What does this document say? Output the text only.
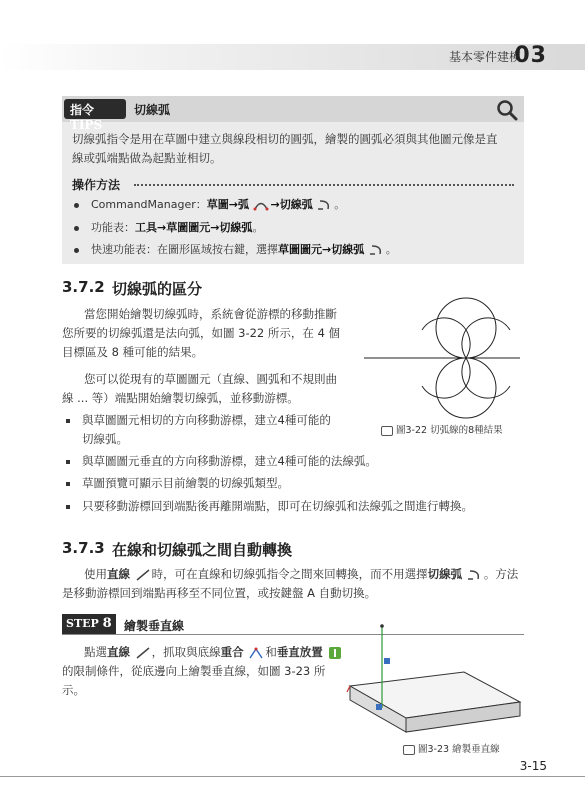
基本零件建模
03
指令TIPS
切線弧
切線弧指令是用在草圖中建立與線段相切的圓弧，繪製的圓弧必須與其他圖元像是直
線或弧端點做為起點並相切。
操作方法
CommandManager：草圖→弧 →切線弧 。
功能表：工具→草圖圖元→切線弧。
快速功能表：在圖形區域按右鍵，選擇草圖圖元→切線弧 。
3.7.2 切線弧的區分
當您開始繪製切線弧時，系統會從游標的移動推斷
您所要的切線弧還是法向弧，如圖 3-22 所示，在 4 個
目標區及 8 種可能的結果。
您可以從現有的草圖圖元（直線、圓弧和不規則曲
線 ... 等）端點開始繪製切線弧，並移動游標。
與草圖圖元相切的方向移動游標，建立4種可能的
切線弧。
與草圖圖元垂直的方向移動游標，建立4種可能的法線弧。
草圖預覽可顯示目前繪製的切線弧類型。
只要移動游標回到端點後再離開端點，即可在切線弧和法線弧之間進行轉換。
圖3-22 切弧線的8種結果
3.7.3 在線和切線弧之間自動轉換
使用直線 時，可在直線和切線弧指令之間來回轉換，而不用選擇切線弧 。方法
是移動游標回到端點再移至不同位置，或按鍵盤 A 自動切換。
STEP 8	繪製垂直線
點選直線 ，抓取與底線重合 和垂直放置
的限制條件，從底邊向上繪製垂直線，如圖 3-23 所
示。
圖3-23 繪製垂直線
3-15
